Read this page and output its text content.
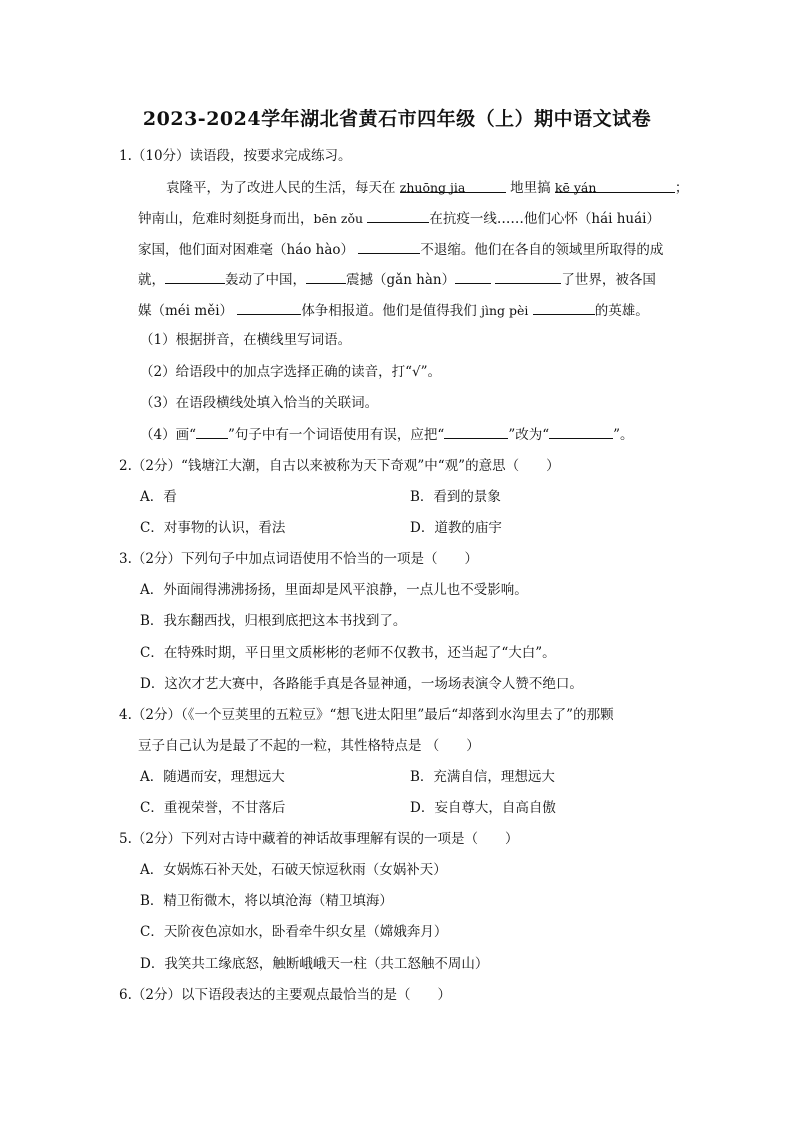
2023-2024学年湖北省黄石市四年级（上）期中语文试卷
1.（10分）读语段，按要求完成练习。
袁隆平，为了改进人民的生活，每天在 zhuōng jia	地里搞 kē yán	；
钟南山，危难时刻挺身而出，bēn zǒu	在抗疫一线……他们心怀（hái huái）
家国，他们面对困难毫（háo hào）	不退缩。他们在各自的领域里所取得的成
就，	轰动了中国，	震撼（gǎn hàn）	了世界，被各国
媒（méi měi）	体争相报道。他们是值得我们 jìng pèi	的英雄。
（1）根据拼音，在横线里写词语。
（2）给语段中的加点字选择正确的读音，打“√”。
（3）在语段横线处填入恰当的关联词。
（4）画“ ”句子中有一个词语使用有误，应把“	”改为“	”。
2.（2分）“钱塘江大潮，自古以来被称为天下奇观”中“观”的意思（　　）
A．看	B．看到的景象
C．对事物的认识，看法	D．道教的庙宇
3.（2分）下列句子中加点词语使用不恰当的一项是（　　）
A．外面闹得沸沸扬扬，里面却是风平浪静，一点儿也不受影响。
B．我东翻西找，归根到底把这本书找到了。
C．在特殊时期，平日里文质彬彬的老师不仅教书，还当起了“大白”。
D．这次才艺大赛中，各路能手真是各显神通，一场场表演令人赞不绝口。
4.（2分）（《一个豆荚里的五粒豆》“想飞进太阳里”最后“却落到水沟里去了”的那颗
豆子自己认为是最了不起的一粒，其性格特点是 （　　）
A．随遇而安，理想远大	B．充满自信，理想远大
C．重视荣誉，不甘落后	D．妄自尊大，自高自傲
5.（2分）下列对古诗中藏着的神话故事理解有误的一项是（　　）
A．女娲炼石补天处，石破天惊逗秋雨（女娲补天）
B．精卫衔微木，将以填沧海（精卫填海）
C．天阶夜色凉如水，卧看牵牛织女星（嫦娥奔月）
D．我笑共工缘底怒，触断峨峨天一柱（共工怒触不周山）
6.（2分）以下语段表达的主要观点最恰当的是（　　）
